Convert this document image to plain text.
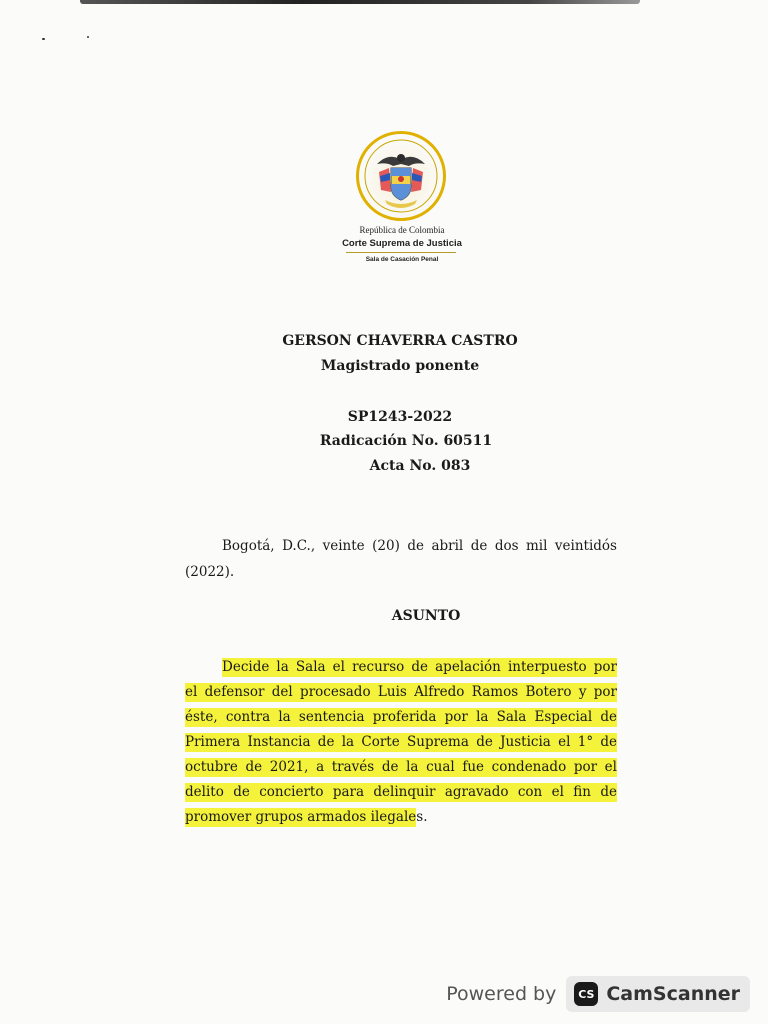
República de Colombia
Corte Suprema de Justicia
Sala de Casación Penal
GERSON CHAVERRA CASTRO
Magistrado ponente
SP1243-2022
Radicación No. 60511
Acta No. 083
Bogotá, D.C., veinte (20) de abril de dos mil veintidós (2022).
ASUNTO
Decide la Sala el recurso de apelación interpuesto por
el defensor del procesado Luis Alfredo Ramos Botero y por
éste, contra la sentencia proferida por la Sala Especial de
Primera Instancia de la Corte Suprema de Justicia el 1° de
octubre de 2021, a través de la cual fue condenado por el
delito de concierto para delinquir agravado con el fin de
promover grupos armados ilegales.
Powered by	CS CamScanner
